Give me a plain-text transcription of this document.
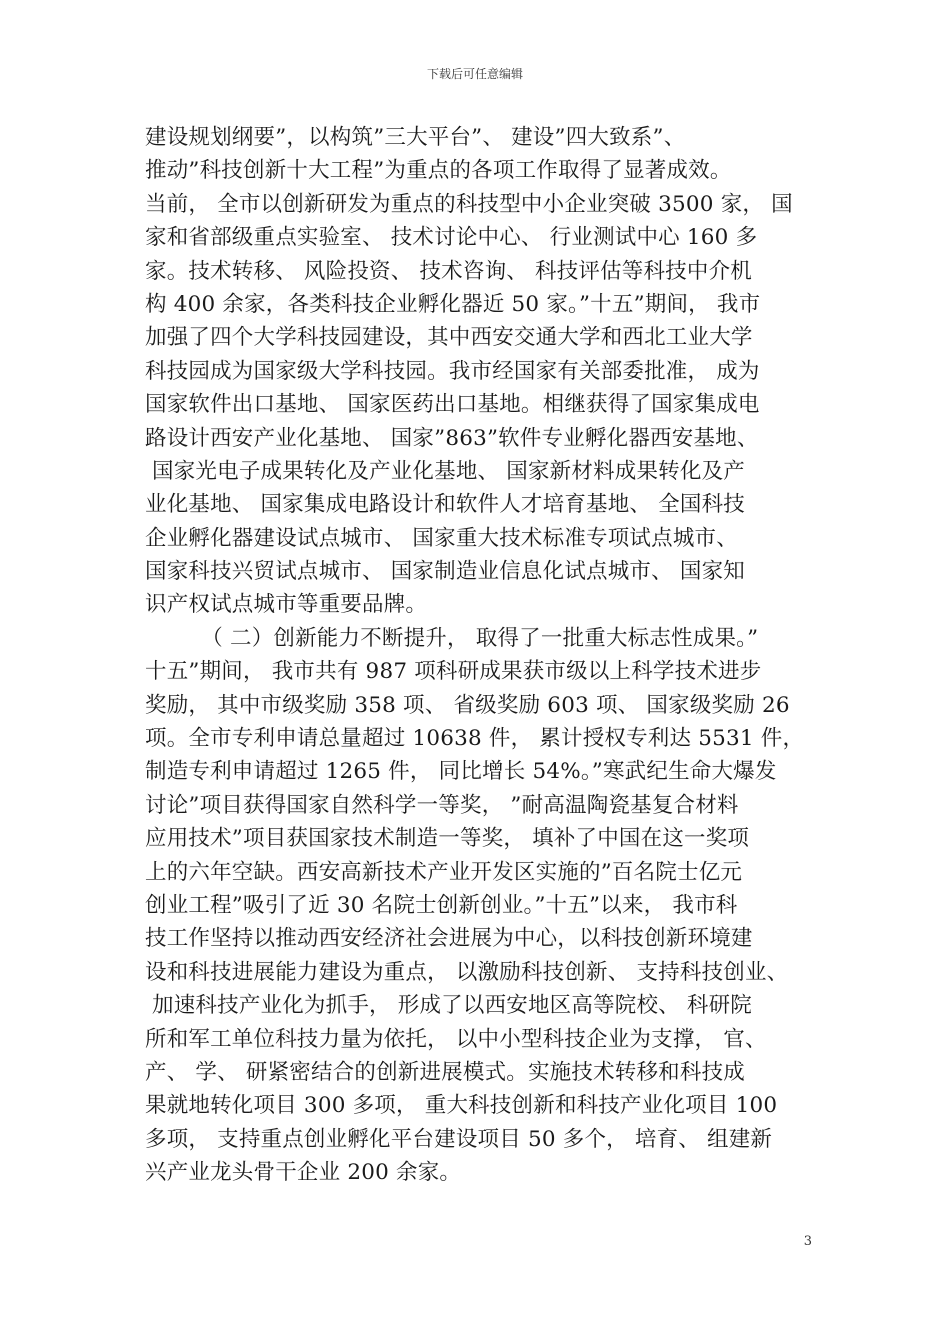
下载后可任意编辑
建设规划纲要”，以构筑”三大平台”、 建设”四大致系”、
推动”科技创新十大工程”为重点的各项工作取得了显著成效。
当前， 全市以创新研发为重点的科技型中小企业突破 3500 家， 国
家和省部级重点实验室、 技术讨论中心、 行业测试中心 160 多
家。技术转移、 风险投资、 技术咨询、 科技评估等科技中介机
构 400 余家，各类科技企业孵化器近 50 家。”十五”期间， 我市
加强了四个大学科技园建设，其中西安交通大学和西北工业大学
科技园成为国家级大学科技园。我市经国家有关部委批准， 成为
国家软件出口基地、 国家医药出口基地。相继获得了国家集成电
路设计西安产业化基地、 国家”863”软件专业孵化器西安基地、
国家光电子成果转化及产业化基地、 国家新材料成果转化及产
业化基地、 国家集成电路设计和软件人才培育基地、 全国科技
企业孵化器建设试点城市、 国家重大技术标准专项试点城市、
国家科技兴贸试点城市、 国家制造业信息化试点城市、 国家知
识产权试点城市等重要品牌。
（ 二）创新能力不断提升， 取得了一批重大标志性成果。”
十五”期间， 我市共有 987 项科研成果获市级以上科学技术进步
奖励， 其中市级奖励 358 项、 省级奖励 603 项、 国家级奖励 26
项。全市专利申请总量超过 10638 件， 累计授权专利达 5531 件，
制造专利申请超过 1265 件， 同比增长 54%。”寒武纪生命大爆发
讨论”项目获得国家自然科学一等奖， ”耐高温陶瓷基复合材料
应用技术”项目获国家技术制造一等奖， 填补了中国在这一奖项
上的六年空缺。西安高新技术产业开发区实施的”百名院士亿元
创业工程”吸引了近 30 名院士创新创业。”十五”以来， 我市科
技工作坚持以推动西安经济社会进展为中心，以科技创新环境建
设和科技进展能力建设为重点， 以激励科技创新、 支持科技创业、
加速科技产业化为抓手， 形成了以西安地区高等院校、 科研院
所和军工单位科技力量为依托， 以中小型科技企业为支撑， 官、
产、 学、 研紧密结合的创新进展模式。实施技术转移和科技成
果就地转化项目 300 多项， 重大科技创新和科技产业化项目 100
多项， 支持重点创业孵化平台建设项目 50 多个， 培育、 组建新
兴产业龙头骨干企业 200 余家。
3
